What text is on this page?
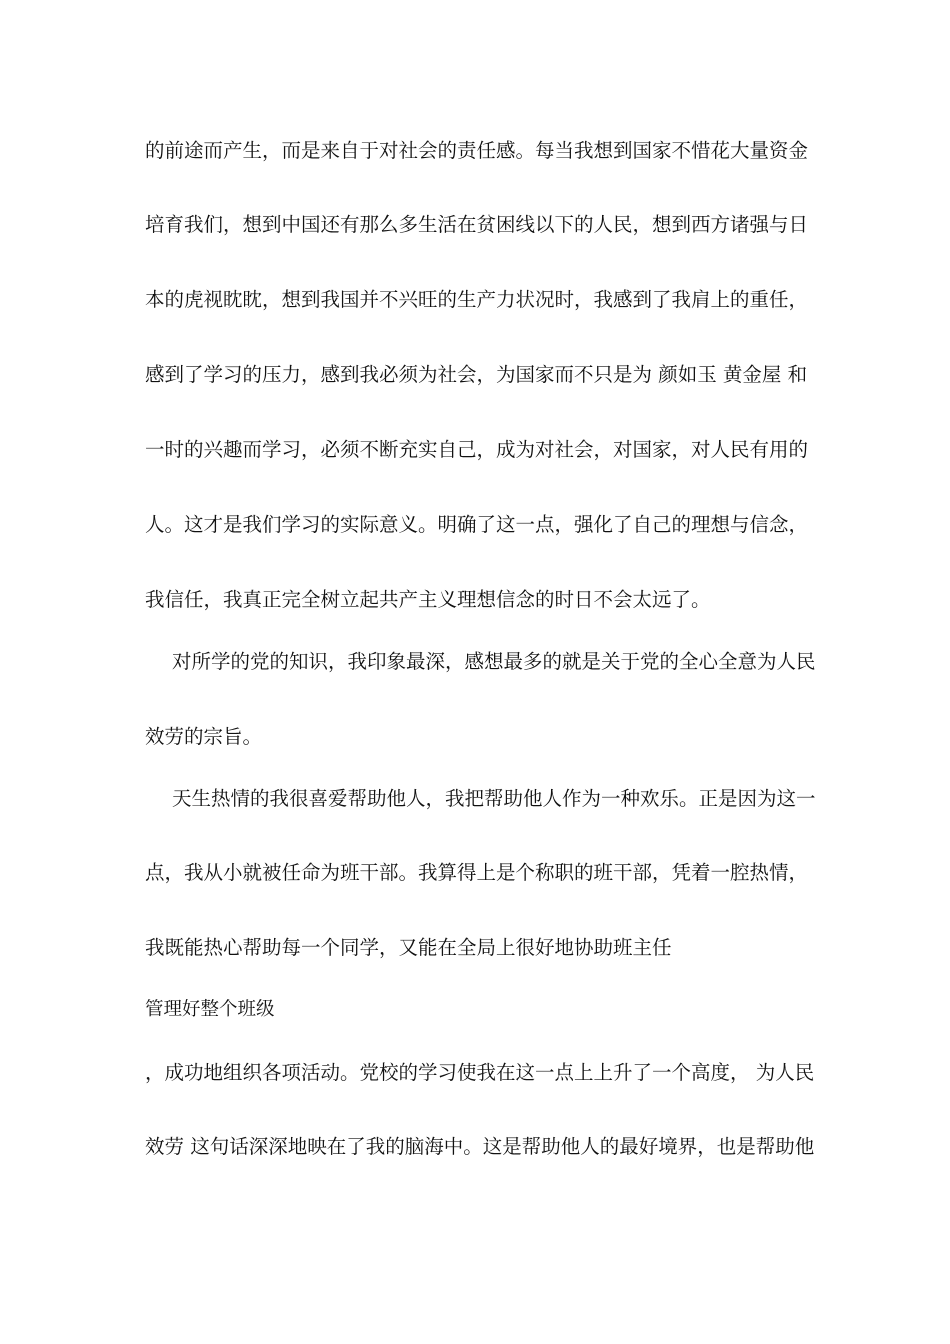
的前途而产生，而是来自于对社会的责任感。每当我想到国家不惜花大量资金
培育我们，想到中国还有那么多生活在贫困线以下的人民，想到西方诸强与日
本的虎视眈眈，想到我国并不兴旺的生产力状况时，我感到了我肩上的重任，
感到了学习的压力，感到我必须为社会，为国家而不只是为 颜如玉 黄金屋 和
一时的兴趣而学习，必须不断充实自己，成为对社会，对国家，对人民有用的
人。这才是我们学习的实际意义。明确了这一点，强化了自己的理想与信念，
我信任，我真正完全树立起共产主义理想信念的时日不会太远了。
对所学的党的知识，我印象最深，感想最多的就是关于党的全心全意为人民
效劳的宗旨。
天生热情的我很喜爱帮助他人，我把帮助他人作为一种欢乐。正是因为这一
点，我从小就被任命为班干部。我算得上是个称职的班干部，凭着一腔热情，
我既能热心帮助每一个同学，又能在全局上很好地协助班主任
管理好整个班级
，成功地组织各项活动。党校的学习使我在这一点上上升了一个高度， 为人民
效劳 这句话深深地映在了我的脑海中。这是帮助他人的最好境界，也是帮助他
